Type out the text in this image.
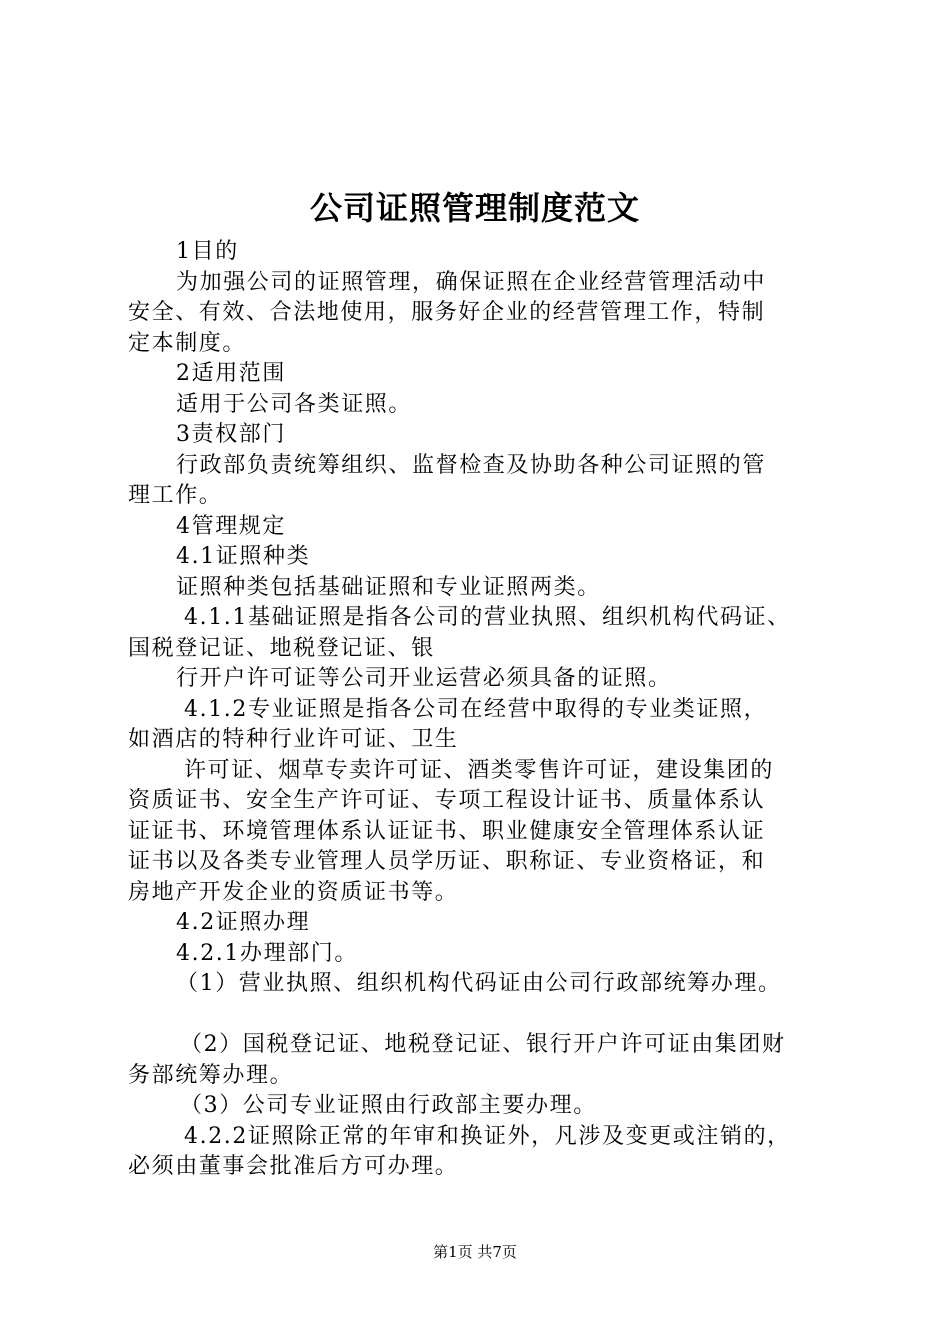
公司证照管理制度范文
1目的
为加强公司的证照管理，确保证照在企业经营管理活动中
安全、有效、合法地使用，服务好企业的经营管理工作，特制
定本制度。
2适用范围
适用于公司各类证照。
3责权部门
行政部负责统筹组织、监督检查及协助各种公司证照的管
理工作。
4管理规定
4.1证照种类
证照种类包括基础证照和专业证照两类。
4.1.1基础证照是指各公司的营业执照、组织机构代码证、
国税登记证、地税登记证、银
行开户许可证等公司开业运营必须具备的证照。
4.1.2专业证照是指各公司在经营中取得的专业类证照，
如酒店的特种行业许可证、卫生
许可证、烟草专卖许可证、酒类零售许可证，建设集团的
资质证书、安全生产许可证、专项工程设计证书、质量体系认
证证书、环境管理体系认证证书、职业健康安全管理体系认证
证书以及各类专业管理人员学历证、职称证、专业资格证，和
房地产开发企业的资质证书等。
4.2证照办理
4.2.1办理部门。
（1）营业执照、组织机构代码证由公司行政部统筹办理。
（2）国税登记证、地税登记证、银行开户许可证由集团财
务部统筹办理。
（3）公司专业证照由行政部主要办理。
4.2.2证照除正常的年审和换证外，凡涉及变更或注销的，
必须由董事会批准后方可办理。
第1页 共7页
